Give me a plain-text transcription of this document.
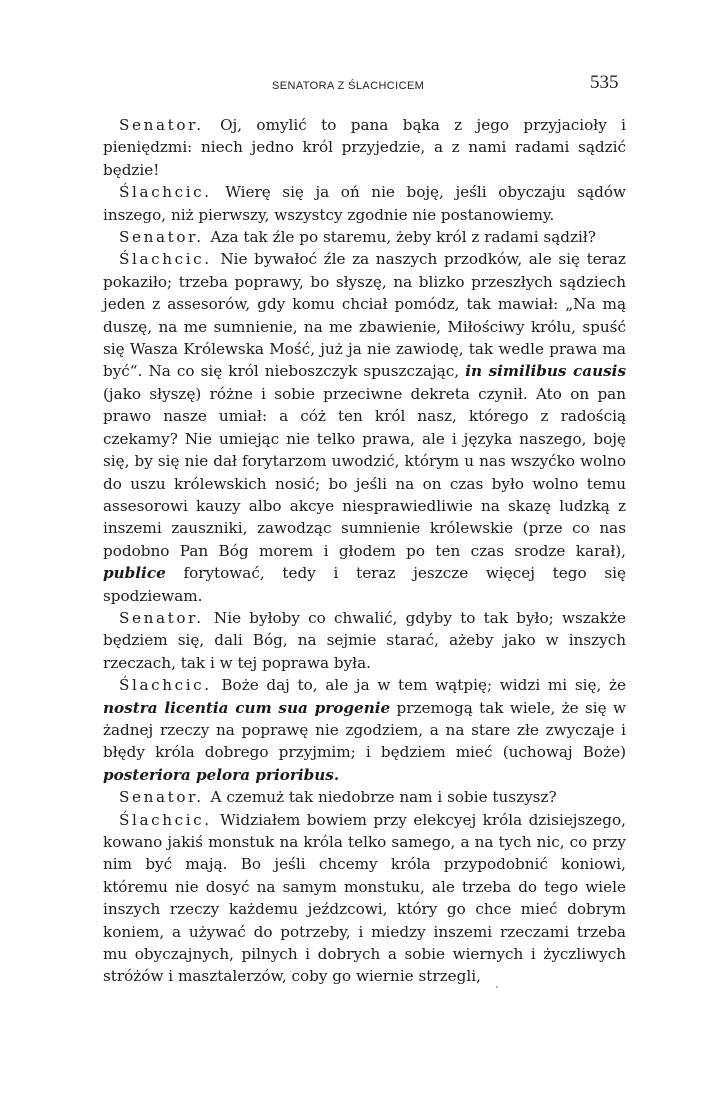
SENATORA Z ŚLACHCICEM	535

Senator. Oj, omylić to pana bąka z jego przyjacioły i pieniędzmi: niech jedno król przyjedzie, a z nami radami sądzić będzie!

Ślachcic. Wierę się ja oń nie boję, jeśli obyczaju sądów inszego, niż pierwszy, wszystcy zgodnie nie postanowiemy.

Senator. Aza tak źle po staremu, żeby król z radami sądził?

Ślachcic. Nie bywałoć źle za naszych przodków, ale się teraz pokaziło; trzeba poprawy, bo słyszę, na blizko przeszłych sądziech jeden z assesorów, gdy komu chciał pomódz, tak mawiał: „Na mą duszę, na me sumnienie, na me zbawienie, Miłościwy królu, spuść się Wasza Królewska Mość, już ja nie zawiodę, tak wedle prawa ma być“. Na co się król nieboszczyk spuszczając, in similibus causis (jako słyszę) różne i sobie przeciwne dekreta czynił. Ato on pan prawo nasze umiał: a cóż ten król nasz, którego z radością czekamy? Nie umiejąc nie telko prawa, ale i języka naszego, boję się, by się nie dał forytarzom uwodzić, którym u nas wszyćko wolno do uszu królewskich nosić; bo jeśli na on czas było wolno temu assesorowi kauzy albo akcye niesprawiedliwie na skazę ludzką z inszemi zauszniki, zawodząc sumnienie królewskie (prze co nas podobno Pan Bóg morem i głodem po ten czas srodze karał), publice forytować, tedy i teraz jeszcze więcej tego się spodziewam.

Senator. Nie byłoby co chwalić, gdyby to tak było; wszakże będziem się, dali Bóg, na sejmie starać, ażeby jako w inszych rzeczach, tak i w tej poprawa była.

Ślachcic. Boże daj to, ale ja w tem wątpię; widzi mi się, że nostra licentia cum sua progenie przemogą tak wiele, że się w żadnej rzeczy na poprawę nie zgodziem, a na stare złe zwyczaje i błędy króla dobrego przyjmim; i będziem mieć (uchowaj Boże) posteriora pelora prioribus.

Senator. A czemuż tak niedobrze nam i sobie tuszysz?

Ślachcic. Widziałem bowiem przy elekcyej króla dzisiejszego, kowano jakiś monstuk na króla telko samego, a na tych nic, co przy nim być mają. Bo jeśli chcemy króla przypodobnić koniowi, któremu nie dosyć na samym monstuku, ale trzeba do tego wiele inszych rzeczy każdemu jeźdzcowi, który go chce mieć dobrym koniem, a używać do potrzeby, i miedzy inszemi rzeczami trzeba mu obyczajnych, pilnych i dobrych a sobie wiernych i życzliwych stróżów i masztalerzów, coby go wiernie strzegli,
